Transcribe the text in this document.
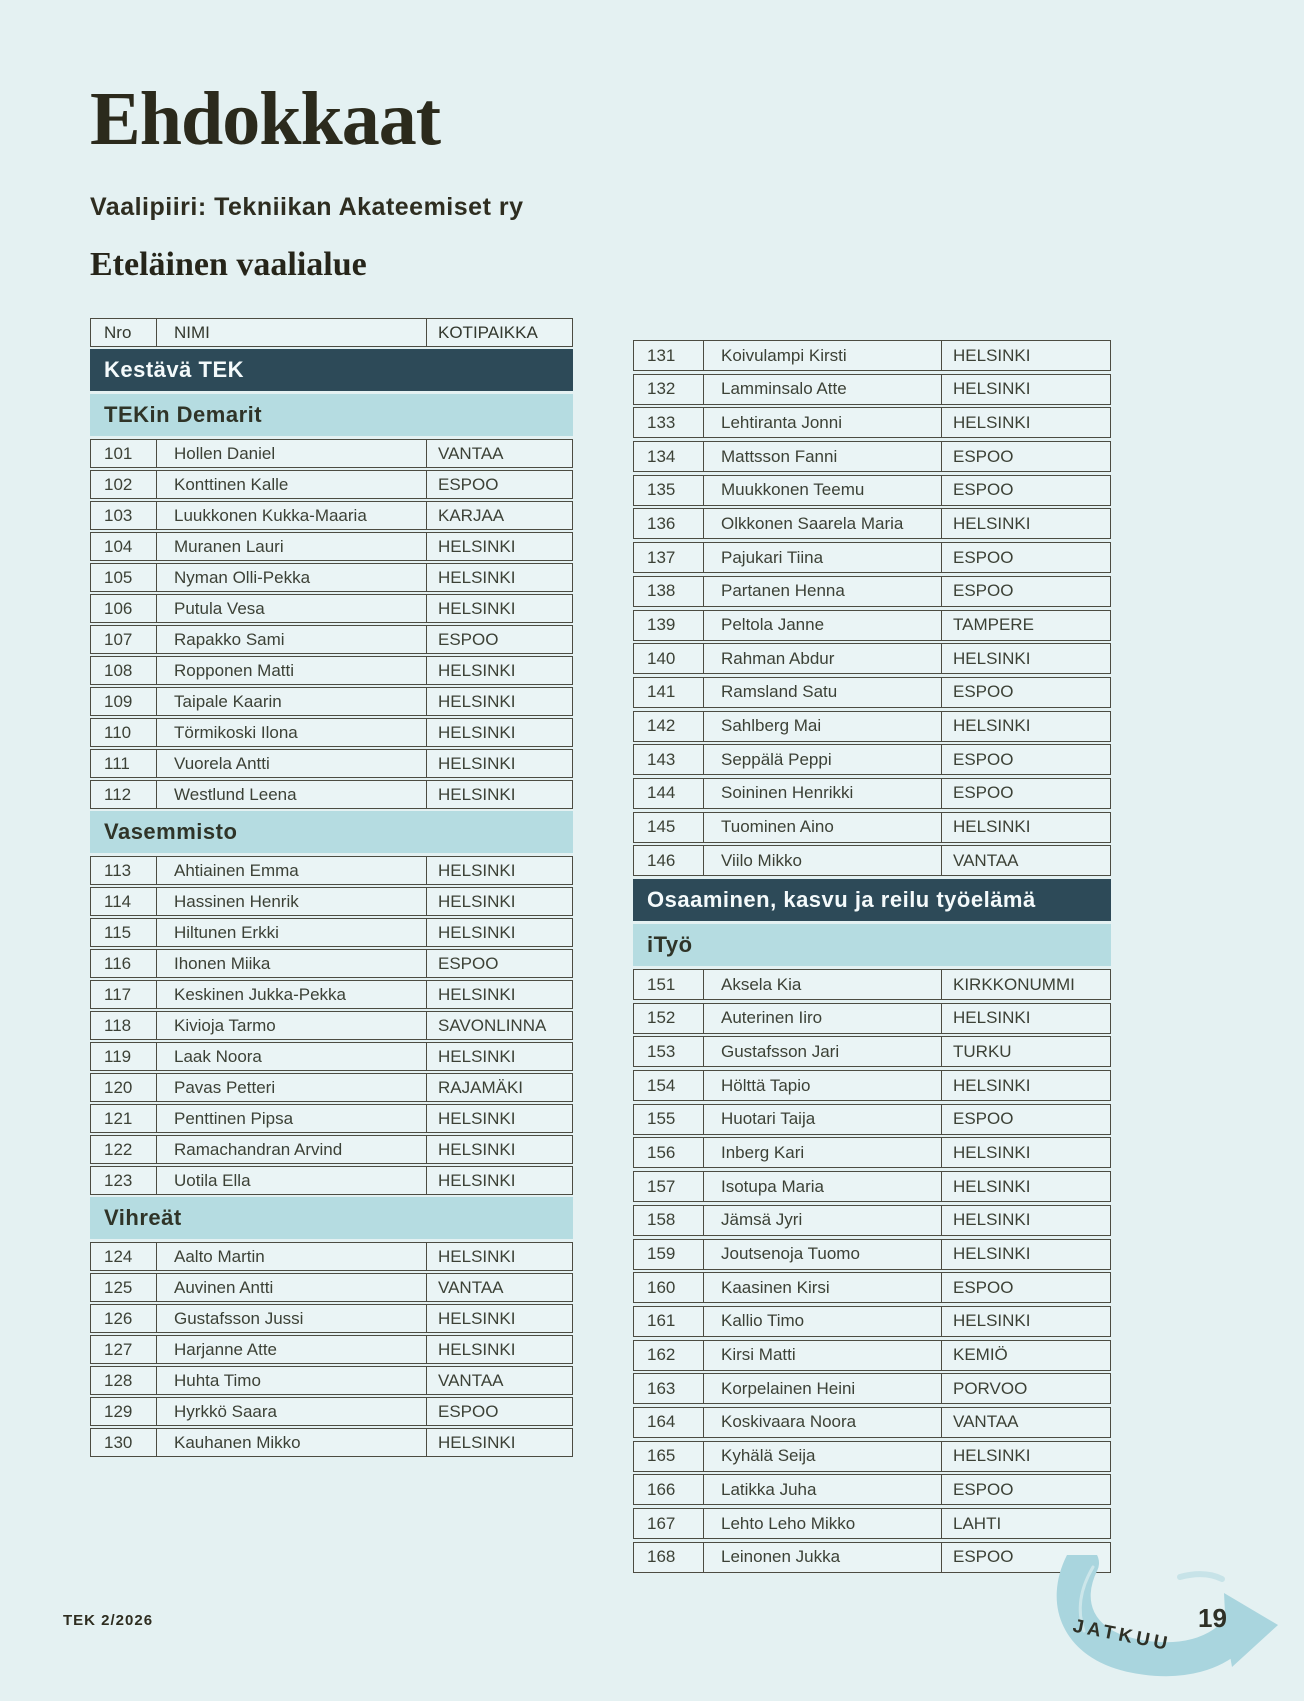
Ehdokkaat
Vaalipiiri: Tekniikan Akateemiset ry
Eteläinen vaalialue
Nro	NIMI	KOTIPAIKKA
Kestävä TEK
TEKin Demarit
101	Hollen Daniel	VANTAA
102	Konttinen Kalle	ESPOO
103	Luukkonen Kukka-Maaria	KARJAA
104	Muranen Lauri	HELSINKI
105	Nyman Olli-Pekka	HELSINKI
106	Putula Vesa	HELSINKI
107	Rapakko Sami	ESPOO
108	Ropponen Matti	HELSINKI
109	Taipale Kaarin	HELSINKI
110	Törmikoski Ilona	HELSINKI
111	Vuorela Antti	HELSINKI
112	Westlund Leena	HELSINKI
Vasemmisto
113	Ahtiainen Emma	HELSINKI
114	Hassinen Henrik	HELSINKI
115	Hiltunen Erkki	HELSINKI
116	Ihonen Miika	ESPOO
117	Keskinen Jukka-Pekka	HELSINKI
118	Kivioja Tarmo	SAVONLINNA
119	Laak Noora	HELSINKI
120	Pavas Petteri	RAJAMÄKI
121	Penttinen Pipsa	HELSINKI
122	Ramachandran Arvind	HELSINKI
123	Uotila Ella	HELSINKI
Vihreät
124	Aalto Martin	HELSINKI
125	Auvinen Antti	VANTAA
126	Gustafsson Jussi	HELSINKI
127	Harjanne Atte	HELSINKI
128	Huhta Timo	VANTAA
129	Hyrkkö Saara	ESPOO
130	Kauhanen Mikko	HELSINKI
131	Koivulampi Kirsti	HELSINKI
132	Lamminsalo Atte	HELSINKI
133	Lehtiranta Jonni	HELSINKI
134	Mattsson Fanni	ESPOO
135	Muukkonen Teemu	ESPOO
136	Olkkonen Saarela Maria	HELSINKI
137	Pajukari Tiina	ESPOO
138	Partanen Henna	ESPOO
139	Peltola Janne	TAMPERE
140	Rahman Abdur	HELSINKI
141	Ramsland Satu	ESPOO
142	Sahlberg Mai	HELSINKI
143	Seppälä Peppi	ESPOO
144	Soininen Henrikki	ESPOO
145	Tuominen Aino	HELSINKI
146	Viilo Mikko	VANTAA
Osaaminen, kasvu ja reilu työelämä
iTyö
151	Aksela Kia	KIRKKONUMMI
152	Auterinen Iiro	HELSINKI
153	Gustafsson Jari	TURKU
154	Hölttä Tapio	HELSINKI
155	Huotari Taija	ESPOO
156	Inberg Kari	HELSINKI
157	Isotupa Maria	HELSINKI
158	Jämsä Jyri	HELSINKI
159	Joutsenoja Tuomo	HELSINKI
160	Kaasinen Kirsi	ESPOO
161	Kallio Timo	HELSINKI
162	Kirsi Matti	KEMIÖ
163	Korpelainen Heini	PORVOO
164	Koskivaara Noora	VANTAA
165	Kyhälä Seija	HELSINKI
166	Latikka Juha	ESPOO
167	Lehto Leho Mikko	LAHTI
168	Leinonen Jukka	ESPOO
TEK 2/2026	JATKUU 19
